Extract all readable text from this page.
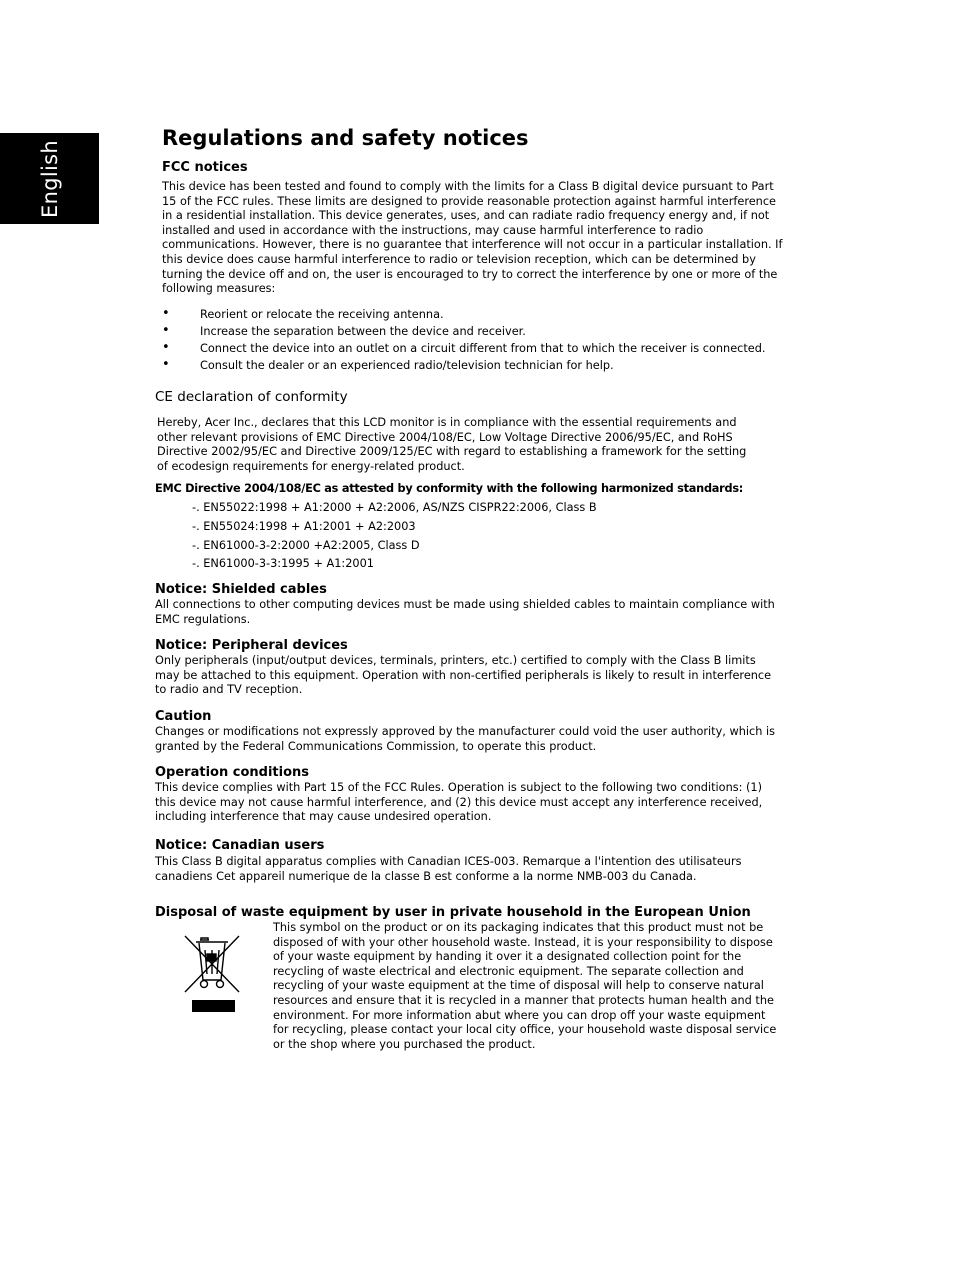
English
Regulations and safety notices
FCC notices

This device has been tested and found to comply with the limits for a Class B digital device pursuant to Part 15 of the FCC rules. These limits are designed to provide reasonable protection against harmful interference in a residential installation. This device generates, uses, and can radiate radio frequency energy and, if not installed and used in accordance with the instructions, may cause harmful interference to radio communications. However, there is no guarantee that interference will not occur in a particular installation. If this device does cause harmful interference to radio or television reception, which can be determined by turning the device off and on, the user is encouraged to try to correct the interference by one or more of the following measures:

•	Reorient or relocate the receiving antenna.
•	Increase the separation between the device and receiver.
•	Connect the device into an outlet on a circuit different from that to which the receiver is connected.
•	Consult the dealer or an experienced radio/television technician for help.
CE declaration of conformity

Hereby, Acer Inc., declares that this LCD monitor is in compliance with the essential requirements and other relevant provisions of EMC Directive 2004/108/EC, Low Voltage Directive 2006/95/EC, and RoHS Directive 2002/95/EC and Directive 2009/125/EC with regard to establishing a framework for the setting of ecodesign requirements for energy-related product.

EMC Directive 2004/108/EC as attested by conformity with the following harmonized standards:
-. EN55022:1998 + A1:2000 + A2:2006, AS/NZS CISPR22:2006, Class B
-. EN55024:1998 + A1:2001 + A2:2003
-. EN61000-3-2:2000 +A2:2005, Class D
-. EN61000-3-3:1995 + A1:2001
Notice: Shielded cables

All connections to other computing devices must be made using shielded cables to maintain compliance with EMC regulations.

Notice: Peripheral devices

Only peripherals (input/output devices, terminals, printers, etc.) certified to comply with the Class B limits may be attached to this equipment. Operation with non-certified peripherals is likely to result in interference to radio and TV reception.

Caution

Changes or modifications not expressly approved by the manufacturer could void the user authority, which is granted by the Federal Communications Commission, to operate this product.

Operation conditions

This device complies with Part 15 of the FCC Rules. Operation is subject to the following two conditions: (1) this device may not cause harmful interference, and (2) this device must accept any interference received, including interference that may cause undesired operation.

Notice: Canadian users

This Class B digital apparatus complies with Canadian ICES-003. Remarque a l'intention des utilisateurs canadiens Cet appareil numerique de la classe B est conforme a la norme NMB-003 du Canada.

Disposal of waste equipment by user in private household in the European Union

This symbol on the product or on its packaging indicates that this product must not be disposed of with your other household waste. Instead, it is your responsibility to dispose of your waste equipment by handing it over it a designated collection point for the recycling of waste electrical and electronic equipment. The separate collection and recycling of your waste equipment at the time of disposal will help to conserve natural resources and ensure that it is recycled in a manner that protects human health and the environment. For more information abut where you can drop off your waste equipment for recycling, please contact your local city office, your household waste disposal service or the shop where you purchased the product.
